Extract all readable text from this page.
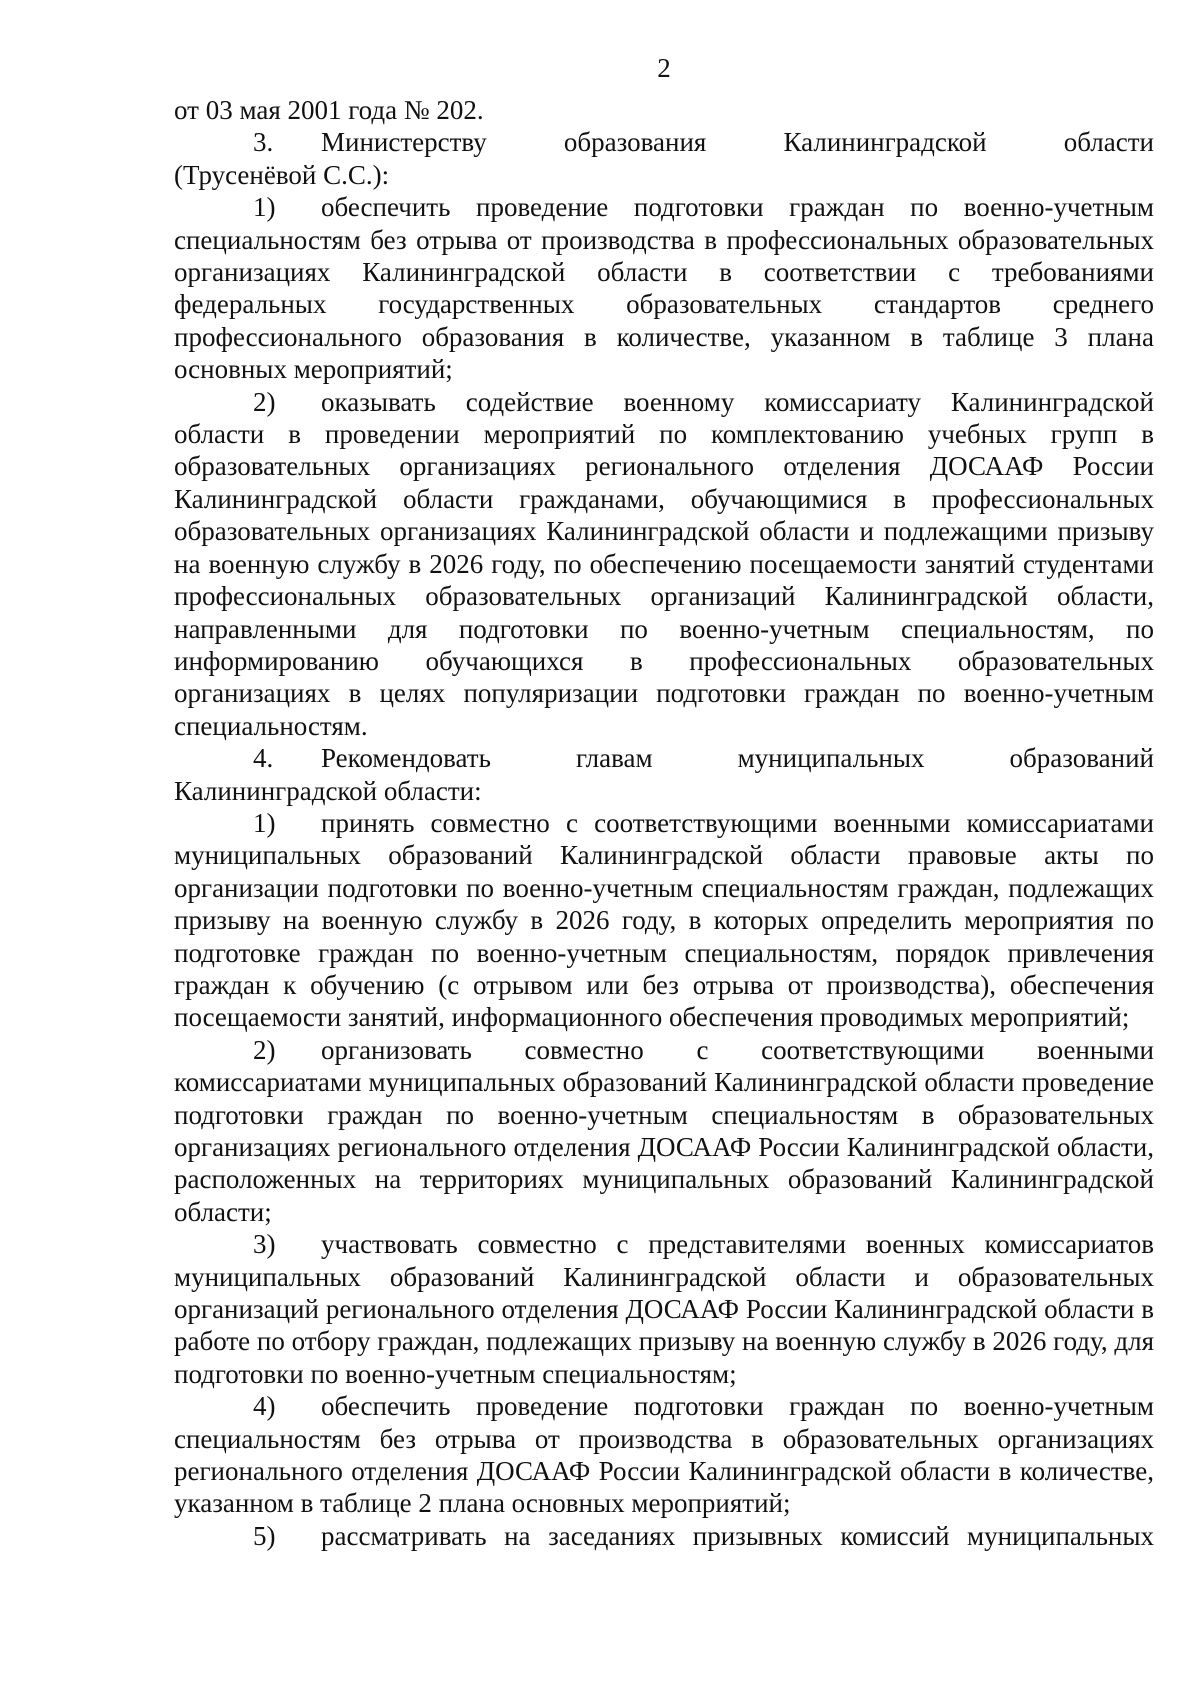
2

от 03 мая 2001 года № 202.

3. Министерству образования Калининградской области

(Трусенёвой С.С.):

1) обеспечить проведение подготовки граждан по военно-учетным специальностям без отрыва от производства в профессиональных образовательных организациях Калининградской области в соответствии с требованиями федеральных государственных образовательных стандартов среднего профессионального образования в количестве, указанном в таблице 3 плана основных мероприятий;

2) оказывать содействие военному комиссариату Калининградской области в проведении мероприятий по комплектованию учебных групп в образовательных организациях регионального отделения ДОСААФ России Калининградской области гражданами, обучающимися в профессиональных образовательных организациях Калининградской области и подлежащими призыву на военную службу в 2026 году, по обеспечению посещаемости занятий студентами профессиональных образовательных организаций Калининградской области, направленными для подготовки по военно-учетным специальностям, по информированию обучающихся в профессиональных образовательных организациях в целях популяризации подготовки граждан по военно-учетным специальностям.

4. Рекомендовать главам муниципальных образований

Калининградской области:

1) принять совместно с соответствующими военными комиссариатами муниципальных образований Калининградской области правовые акты по организации подготовки по военно-учетным специальностям граждан, подлежащих призыву на военную службу в 2026 году, в которых определить мероприятия по подготовке граждан по военно-учетным специальностям, порядок привлечения граждан к обучению (с отрывом или без отрыва от производства), обеспечения посещаемости занятий, информационного обеспечения проводимых мероприятий;

2) организовать совместно с соответствующими военными комиссариатами муниципальных образований Калининградской области проведение подготовки граждан по военно-учетным специальностям в образовательных организациях регионального отделения ДОСААФ России Калининградской области, расположенных на территориях муниципальных образований Калининградской области;

3) участвовать совместно с представителями военных комиссариатов муниципальных образований Калининградской области и образовательных организаций регионального отделения ДОСААФ России Калининградской области в работе по отбору граждан, подлежащих призыву на военную службу в 2026 году, для подготовки по военно-учетным специальностям;

4) обеспечить проведение подготовки граждан по военно-учетным специальностям без отрыва от производства в образовательных организациях регионального отделения ДОСААФ России Калининградской области в количестве, указанном в таблице 2 плана основных мероприятий;

5) рассматривать на заседаниях призывных комиссий муниципальных
